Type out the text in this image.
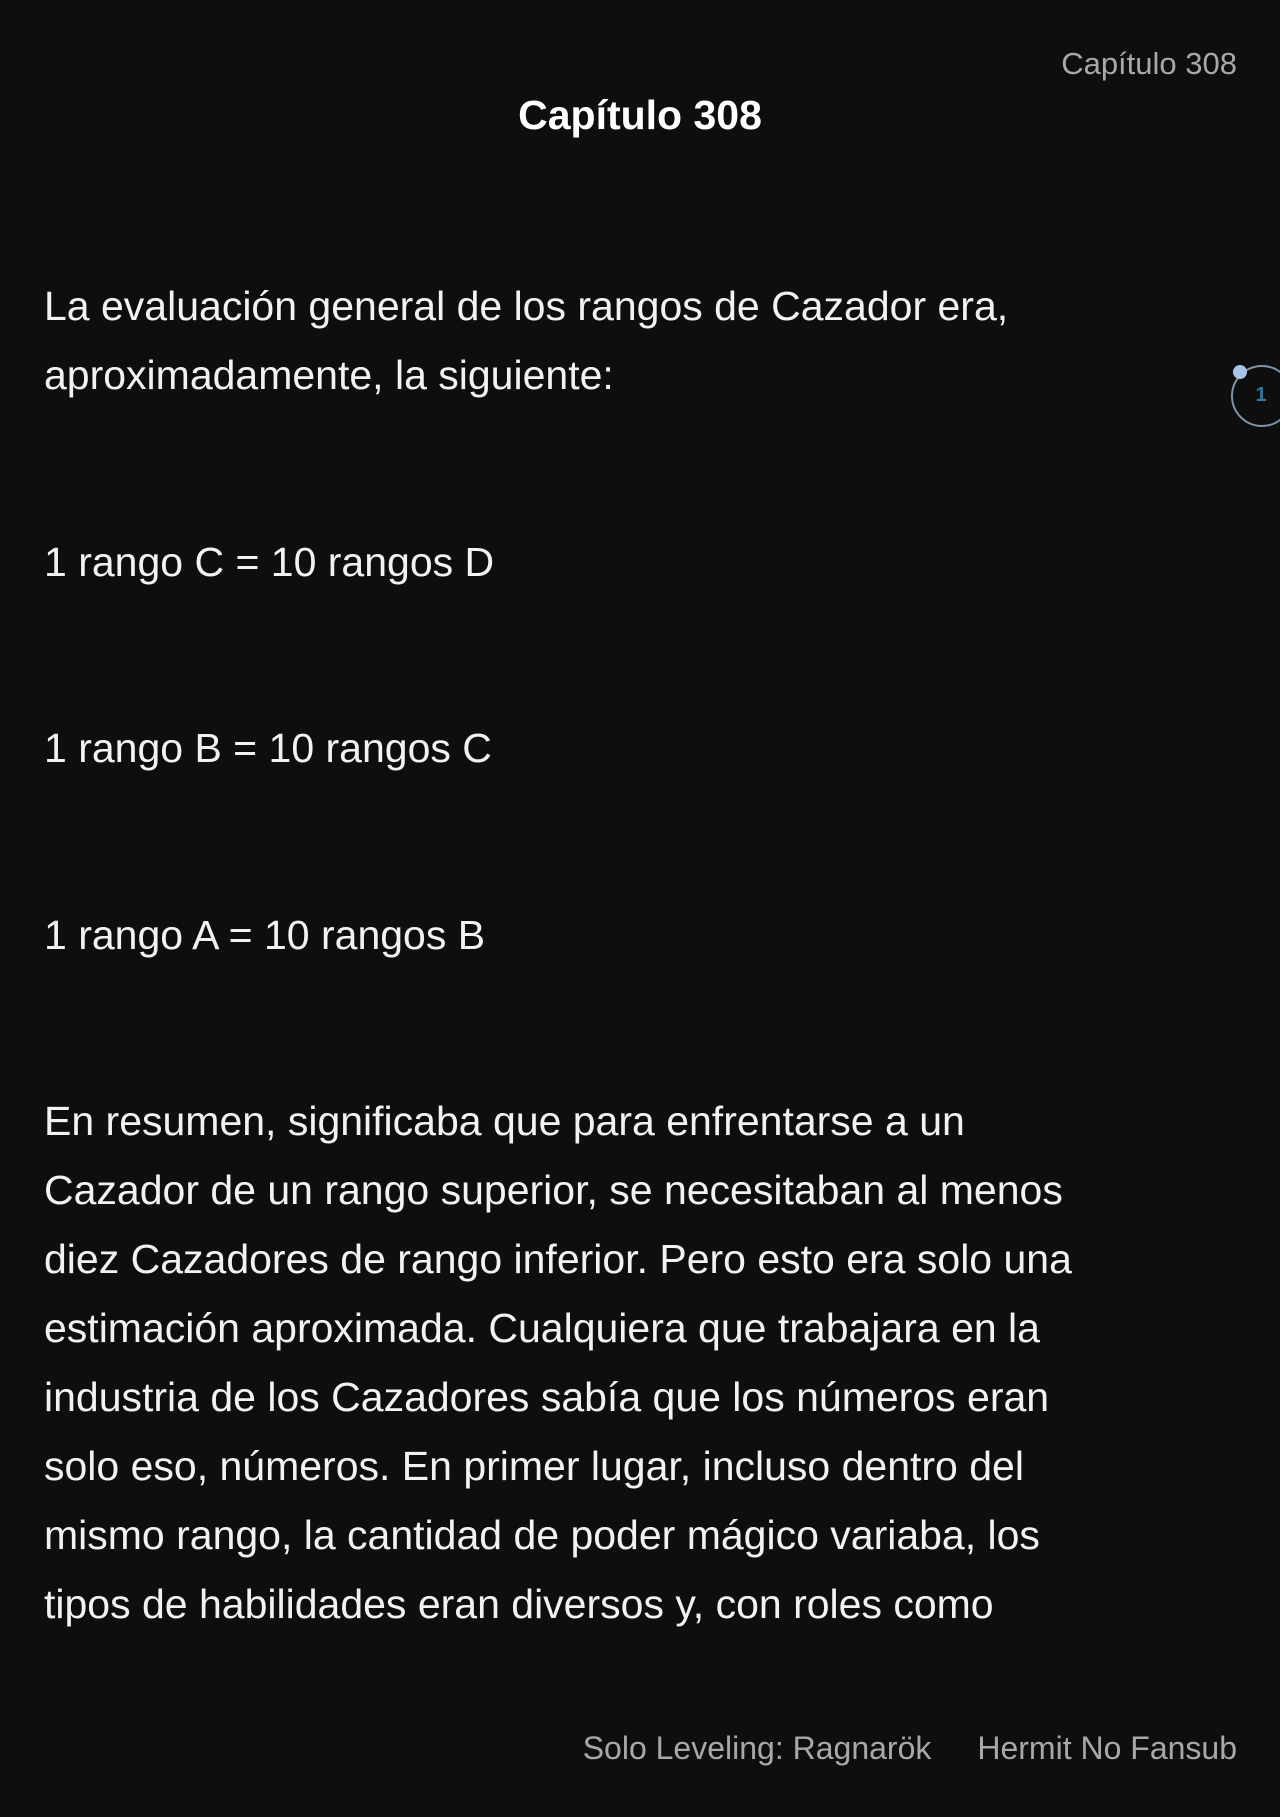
Capítulo 308
Capítulo 308
La evaluación general de los rangos de Cazador era,
aproximadamente, la siguiente:
1 rango C = 10 rangos D
1 rango B = 10 rangos C
1 rango A = 10 rangos B
En resumen, significaba que para enfrentarse a un
Cazador de un rango superior, se necesitaban al menos
diez Cazadores de rango inferior. Pero esto era solo una
estimación aproximada. Cualquiera que trabajara en la
industria de los Cazadores sabía que los números eran
solo eso, números. En primer lugar, incluso dentro del
mismo rango, la cantidad de poder mágico variaba, los
tipos de habilidades eran diversos y, con roles como
1
Solo Leveling: Ragnarök Hermit No Fansub
